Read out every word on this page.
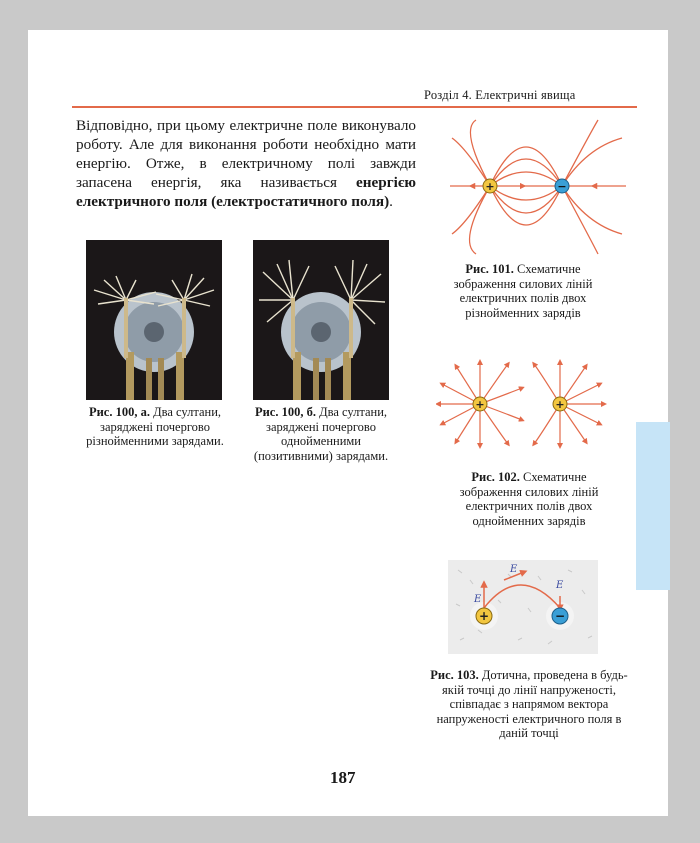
Розділ 4. Електричні явища
Відповідно, при цьому електричне поле виконувало роботу. Але для виконання роботи необхідно мати енергію. Отже, в електричному полі завжди запасена енергія, яка називається енергією електричного поля (електростатичного поля).
Рис. 100, а. Два султани, заряджені почергово різнойменними зарядами.
Рис. 100, б. Два султани, заряджені почергово однойменними (позитивними) зарядами.
+	−
Рис. 101. Схематичне зображення силових ліній електричних полів двох різнойменних зарядів
+	+
Рис. 102. Схематичне зображення силових ліній електричних полів двох однойменних зарядів
E
E
E
+	−
Рис. 103. Дотична, проведена в будь-якій точці до лінії напруженості, співпадає з напрямом вектора напруженості електричного поля в даній точці
187
